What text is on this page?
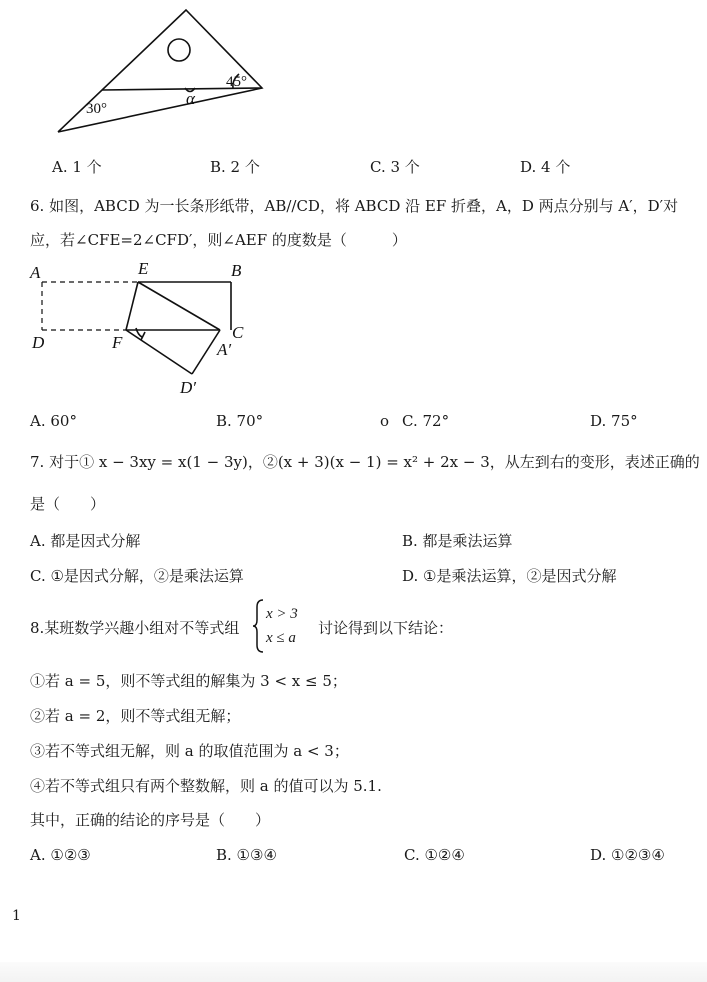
30°
45°
α
A. 1 个	B. 2 个	C. 3 个	D. 4 个
6. 如图，ABCD 为一长条形纸带，AB//CD，将 ABCD 沿 EF 折叠，A，D 两点分别与 A′，D′对
应，若∠CFE=2∠CFD′，则∠AEF 的度数是（　　　）
A	E	B
D	F
C
A′
D′
A. 60°	B. 70°	o C. 72°	D. 75°
7. 对于① x − 3xy = x(1 − 3y)，②(x + 3)(x − 1) = x² + 2x − 3，从左到右的变形，表述正确的
是（　　）
A. 都是因式分解	B. 都是乘法运算
C. ①是因式分解，②是乘法运算	D. ①是乘法运算，②是因式分解
8.某班数学兴趣小组对不等式组
x > 3
x ≤ a
讨论得到以下结论：
①若 a = 5，则不等式组的解集为 3 < x ≤ 5；
②若 a = 2，则不等式组无解；
③若不等式组无解，则 a 的取值范围为 a < 3；
④若不等式组只有两个整数解，则 a 的值可以为 5.1.
其中，正确的结论的序号是（　　）
A. ①②③	B. ①③④	C. ①②④	D. ①②③④
1
